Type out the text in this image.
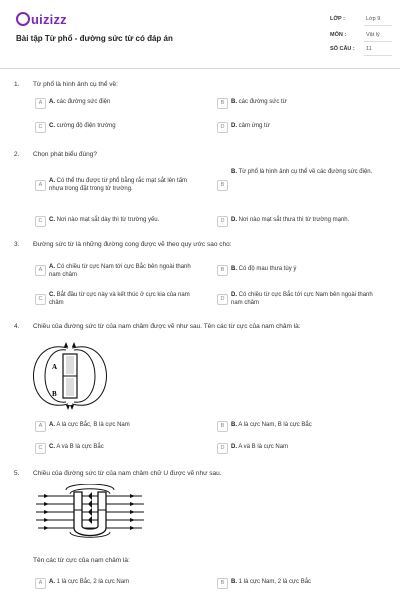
uizizz
Bài tập Từ phổ - đường sức từ có đáp án
LỚP :	Lớp 9
MÔN :	Vật lý
SỐ CÂU : 11
1. Từ phổ là hình ảnh cụ thể về:
A	A. các đường sức điện	B	B. các đường sức từ
C	C. cường độ điện trường	D	D. cảm ứng từ
2. Chọn phát biểu đúng?
A
A. Có thể thu được từ phổ bằng rắc mạt sắt lên tấm nhựa trong đặt trong từ trường.
B
B. Từ phổ là hình ảnh cụ thể về các đường sức điện.
C	C. Nơi nào mạt sắt dày thì từ trường yếu.	D	D. Nơi nào mạt sắt thưa thì từ trường mạnh.
3. Đường sức từ là những đường cong được vẽ theo quy ước sao cho:
A	A. Có chiều từ cực Nam tới cực Bắc bên ngoài thanh nam châm
B	B. Có độ mau thưa tùy ý
C
C. Bắt đầu từ cực này và kết thúc ở cực kia của nam châm
D
D. Có chiều từ cực Bắc tới cực Nam bên ngoài thanh nam châm
4. Chiều của đường sức từ của nam châm được vẽ như sau. Tên các từ cực của nam châm là:
A
B
A	A. A là cực Bắc, B là cực Nam	B	B. A là cực Nam, B là cực Bắc
C	C. A và B là cực Bắc	D	D. A và B là cực Nam
5. Chiều của đường sức từ của nam châm chữ U được vẽ như sau.
Tên các từ cực của nam châm là:
A	A. 1 là cực Bắc, 2 là cực Nam	B	B. 1 là cực Nam, 2 là cực Bắc
